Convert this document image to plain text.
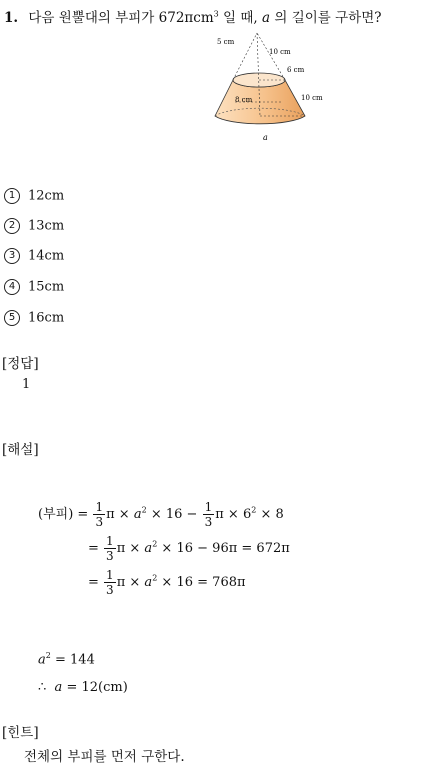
1. 다음 원뿔대의 부피가 672πcm$^3$ 일 때, a 의 길이를 구하면?
5 cm
10 cm
6 cm
10 cm
8 cm
a
1 12cm
2 13cm
3 14cm
4 15cm
5 16cm
[정답]
1
[해설]
(부피) = $\frac{1}{3}$ $\pi \times a^2 \times 16 - \frac{1}{3}$ $\pi \times 6^2 \times 8$
= $\frac{1}{3}$ $\pi \times a^2 \times 16 - 96\pi = 672\pi$
= $\frac{1}{3}$ $\pi \times a^2 \times 16 = 768\pi$
$a^2 = 144$
∴ a = 12(cm)
[힌트]
전체의 부피를 먼저 구한다.
